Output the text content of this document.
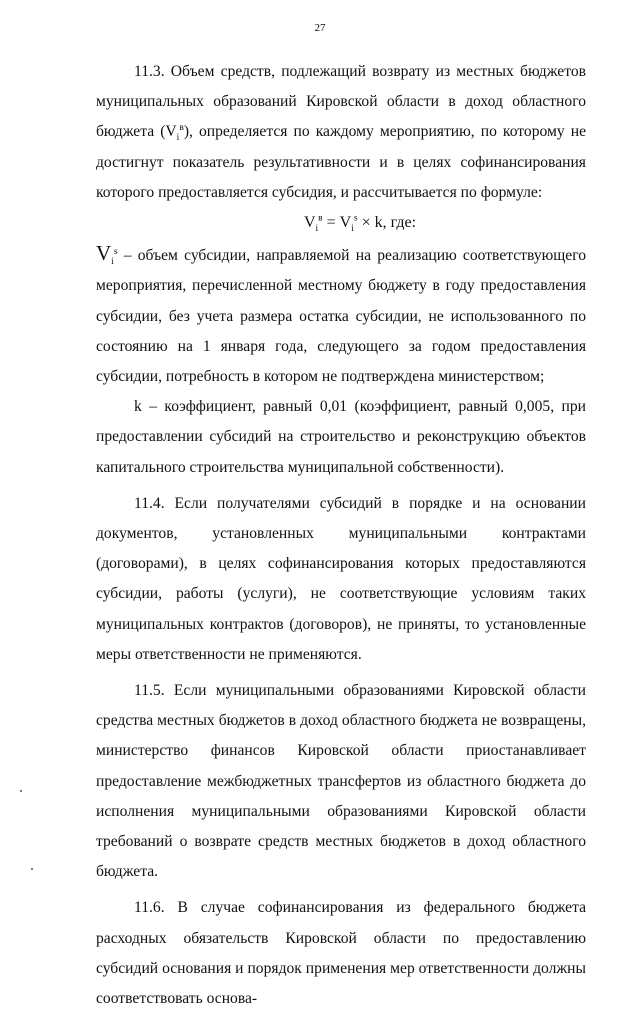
27

11.3. Объем средств, подлежащий возврату из местных бюджетов муниципальных образований Кировской области в доход областного бюджета $(V_i^в)$, определяется по каждому мероприятию, по которому не достигнут показатель результативности и в целях софинансирования которого предоставляется субсидия, и рассчитывается по формуле:

$V_i^в = V_i^s \times k$, где:

$V_i^s$ – объем субсидии, направляемой на реализацию соответствующего мероприятия, перечисленной местному бюджету в году предоставления субсидии, без учета размера остатка субсидии, не использованного по состоянию на 1 января года, следующего за годом предоставления субсидии, потребность в котором не подтверждена министерством;

k – коэффициент, равный 0,01 (коэффициент, равный 0,005, при предоставлении субсидий на строительство и реконструкцию объектов капитального строительства муниципальной собственности).

11.4. Если получателями субсидий в порядке и на основании документов, установленных муниципальными контрактами (договорами), в целях софинансирования которых предоставляются субсидии, работы (услуги), не соответствующие условиям таких муниципальных контрактов (договоров), не приняты, то установленные меры ответственности не применяются.

11.5. Если муниципальными образованиями Кировской области средства местных бюджетов в доход областного бюджета не возвращены, министерство финансов Кировской области приостанавливает предоставление межбюджетных трансфертов из областного бюджета до исполнения муниципальными образованиями Кировской области требований о возврате средств местных бюджетов в доход областного бюджета.

11.6. В случае софинансирования из федерального бюджета расходных обязательств Кировской области по предоставлению субсидий основания и порядок применения мер ответственности должны соответствовать основа-
